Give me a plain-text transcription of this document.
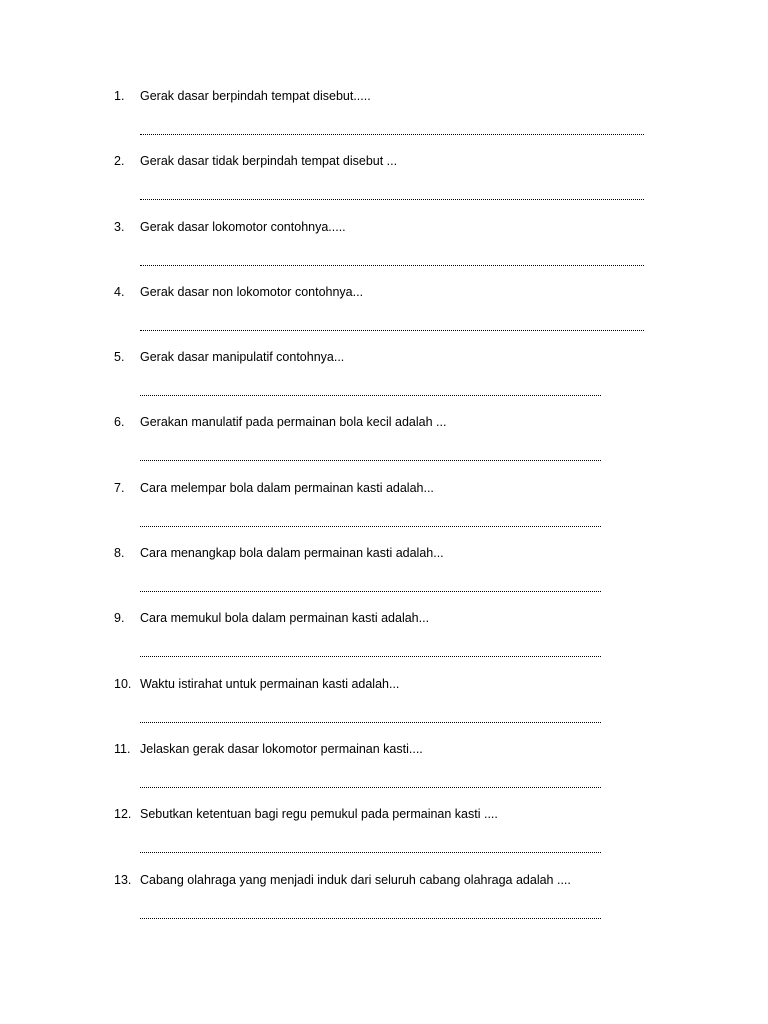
1. Gerak dasar berpindah tempat disebut.....
2. Gerak dasar tidak berpindah tempat disebut ...
3. Gerak dasar lokomotor contohnya.....
4. Gerak dasar non lokomotor contohnya...
5. Gerak dasar manipulatif contohnya...
6. Gerakan manulatif pada permainan bola kecil adalah ...
7. Cara melempar bola dalam permainan kasti adalah...
8. Cara menangkap bola dalam permainan kasti adalah...
9. Cara memukul bola dalam permainan kasti adalah...
10. Waktu istirahat untuk permainan kasti adalah...
11. Jelaskan gerak dasar lokomotor permainan kasti....
12. Sebutkan ketentuan bagi regu pemukul pada permainan kasti ....
13. Cabang olahraga yang menjadi induk dari seluruh cabang olahraga adalah ....
